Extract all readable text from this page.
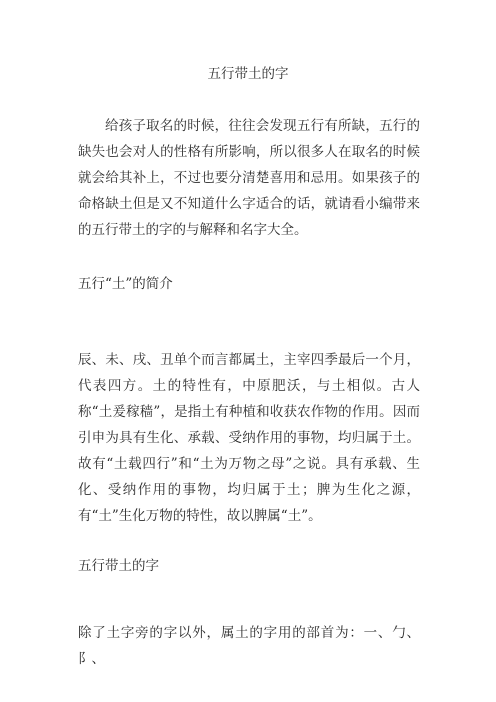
五行带土的字

给孩子取名的时候，往往会发现五行有所缺，五行的缺失也会对人的性格有所影响，所以很多人在取名的时候就会给其补上，不过也要分清楚喜用和忌用。如果孩子的命格缺土但是又不知道什么字适合的话，就请看小编带来的五行带土的字的与解释和名字大全。

五行“土”的简介

辰、未、戌、丑单个而言都属土，主宰四季最后一个月，代表四方。土的特性有，中原肥沃，与土相似。古人称“土爰稼穑”，是指土有种植和收获农作物的作用。因而引申为具有生化、承载、受纳作用的事物，均归属于土。故有“土载四行”和“土为万物之母”之说。具有承载、生化、受纳作用的事物，均归属于土；脾为生化之源，有“土”生化万物的特性，故以脾属“土”。

五行带土的字

除了土字旁的字以外，属土的字用的部首为：一、勹、阝、
